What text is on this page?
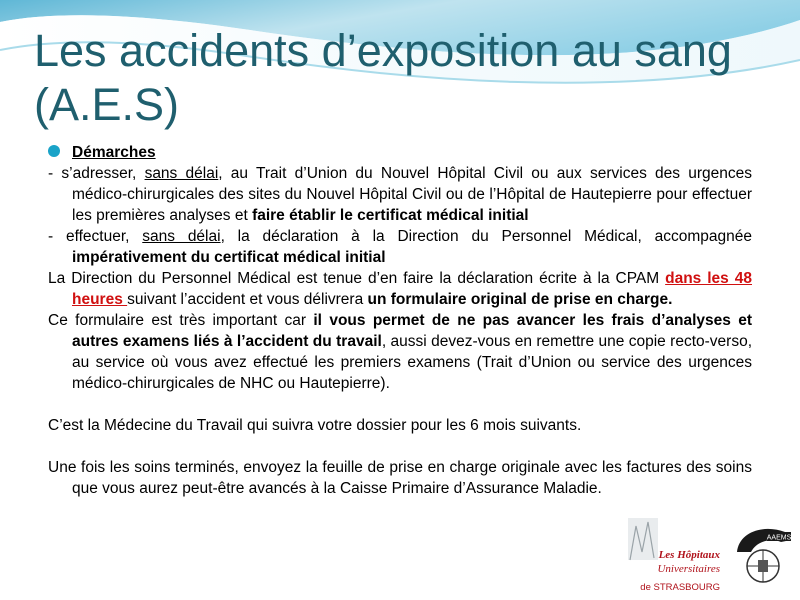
Les accidents d’exposition au sang (A.E.S)

Démarches

- s’adresser, sans délai, au Trait d’Union du Nouvel Hôpital Civil ou aux services des urgences médico-chirurgicales des sites du Nouvel Hôpital Civil ou de l’Hôpital de Hautepierre pour effectuer les premières analyses et faire établir le certificat médical initial

- effectuer, sans délai, la déclaration à la Direction du Personnel Médical, accompagnée impérativement du certificat médical initial

La Direction du Personnel Médical est tenue d’en faire la déclaration écrite à la CPAM dans les 48 heures suivant l’accident et vous délivrera un formulaire original de prise en charge.

Ce formulaire est très important car il vous permet de ne pas avancer les frais d’analyses et autres examens liés à l’accident du travail, aussi devez-vous en remettre une copie recto-verso, au service où vous avez effectué les premiers examens (Trait d’Union ou service des urgences médico-chirurgicales de NHC ou Hautepierre).

C’est la Médecine du Travail qui suivra votre dossier pour les 6 mois suivants.

Une fois les soins terminés, envoyez la feuille de prise en charge originale avec les factures des soins que vous aurez peut-être avancés à la Caisse Primaire d’Assurance Maladie.

Les Hôpitaux
Universitaires
de STRASBOURG
AAEMS
